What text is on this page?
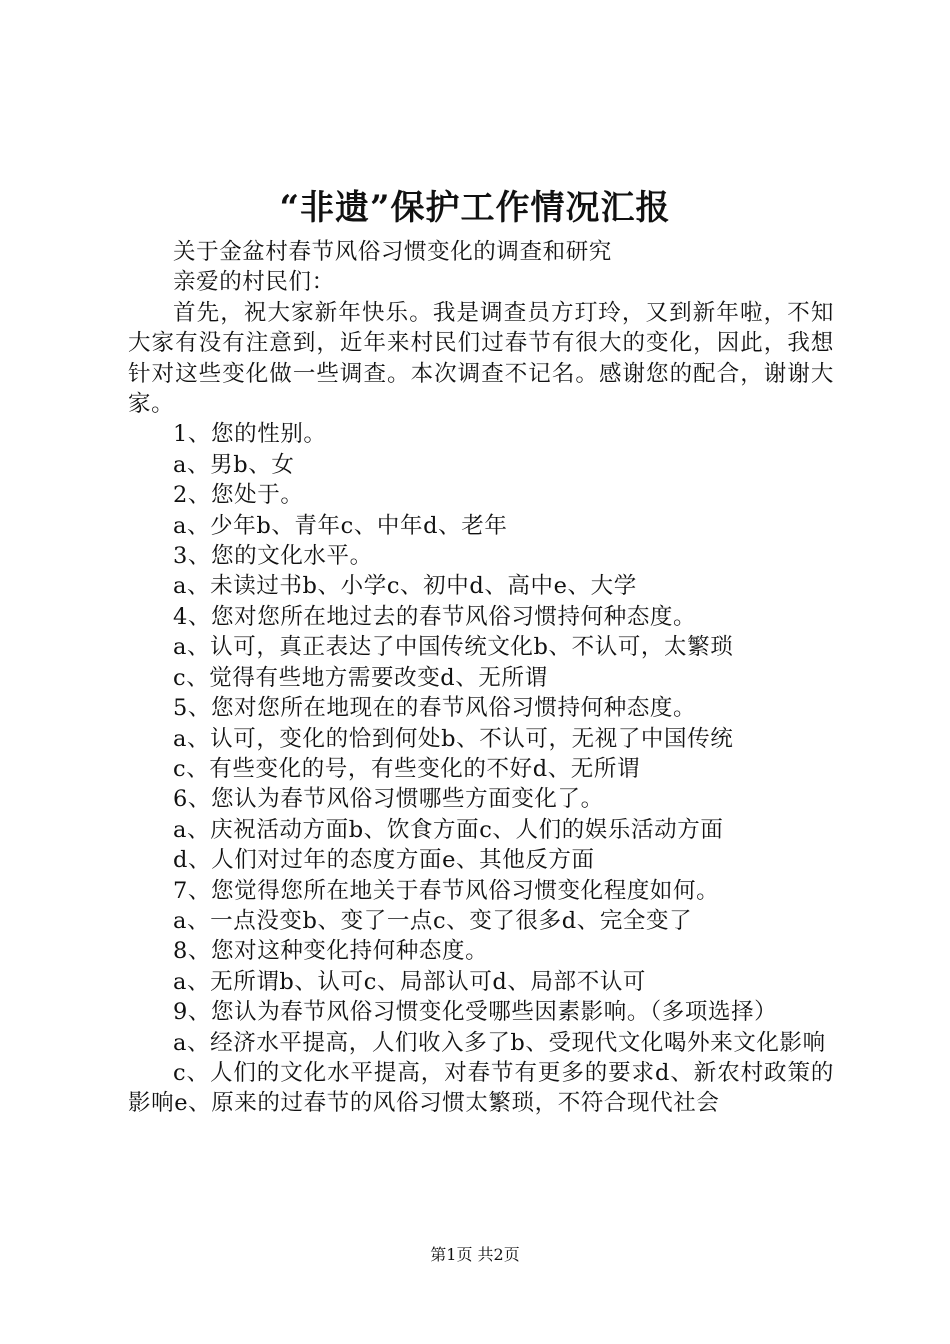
“非遗”保护工作情况汇报

关于金盆村春节风俗习惯变化的调查和研究

亲爱的村民们：

首先，祝大家新年快乐。我是调查员方玎玲，又到新年啦，不知大家有没有注意到，近年来村民们过春节有很大的变化，因此，我想针对这些变化做一些调查。本次调查不记名。感谢您的配合，谢谢大家。

1、您的性别。

a、男b、女

2、您处于。

a、少年b、青年c、中年d、老年

3、您的文化水平。

a、未读过书b、小学c、初中d、高中e、大学

4、您对您所在地过去的春节风俗习惯持何种态度。

a、认可，真正表达了中国传统文化b、不认可，太繁琐

c、觉得有些地方需要改变d、无所谓

5、您对您所在地现在的春节风俗习惯持何种态度。

a、认可，变化的恰到何处b、不认可，无视了中国传统

c、有些变化的号，有些变化的不好d、无所谓

6、您认为春节风俗习惯哪些方面变化了。

a、庆祝活动方面b、饮食方面c、人们的娱乐活动方面

d、人们对过年的态度方面e、其他反方面

7、您觉得您所在地关于春节风俗习惯变化程度如何。

a、一点没变b、变了一点c、变了很多d、完全变了

8、您对这种变化持何种态度。

a、无所谓b、认可c、局部认可d、局部不认可

9、您认为春节风俗习惯变化受哪些因素影响。（多项选择）

a、经济水平提高，人们收入多了b、受现代文化喝外来文化影响

c、人们的文化水平提高，对春节有更多的要求d、新农村政策的影响e、原来的过春节的风俗习惯太繁琐，不符合现代社会

第1页 共2页
